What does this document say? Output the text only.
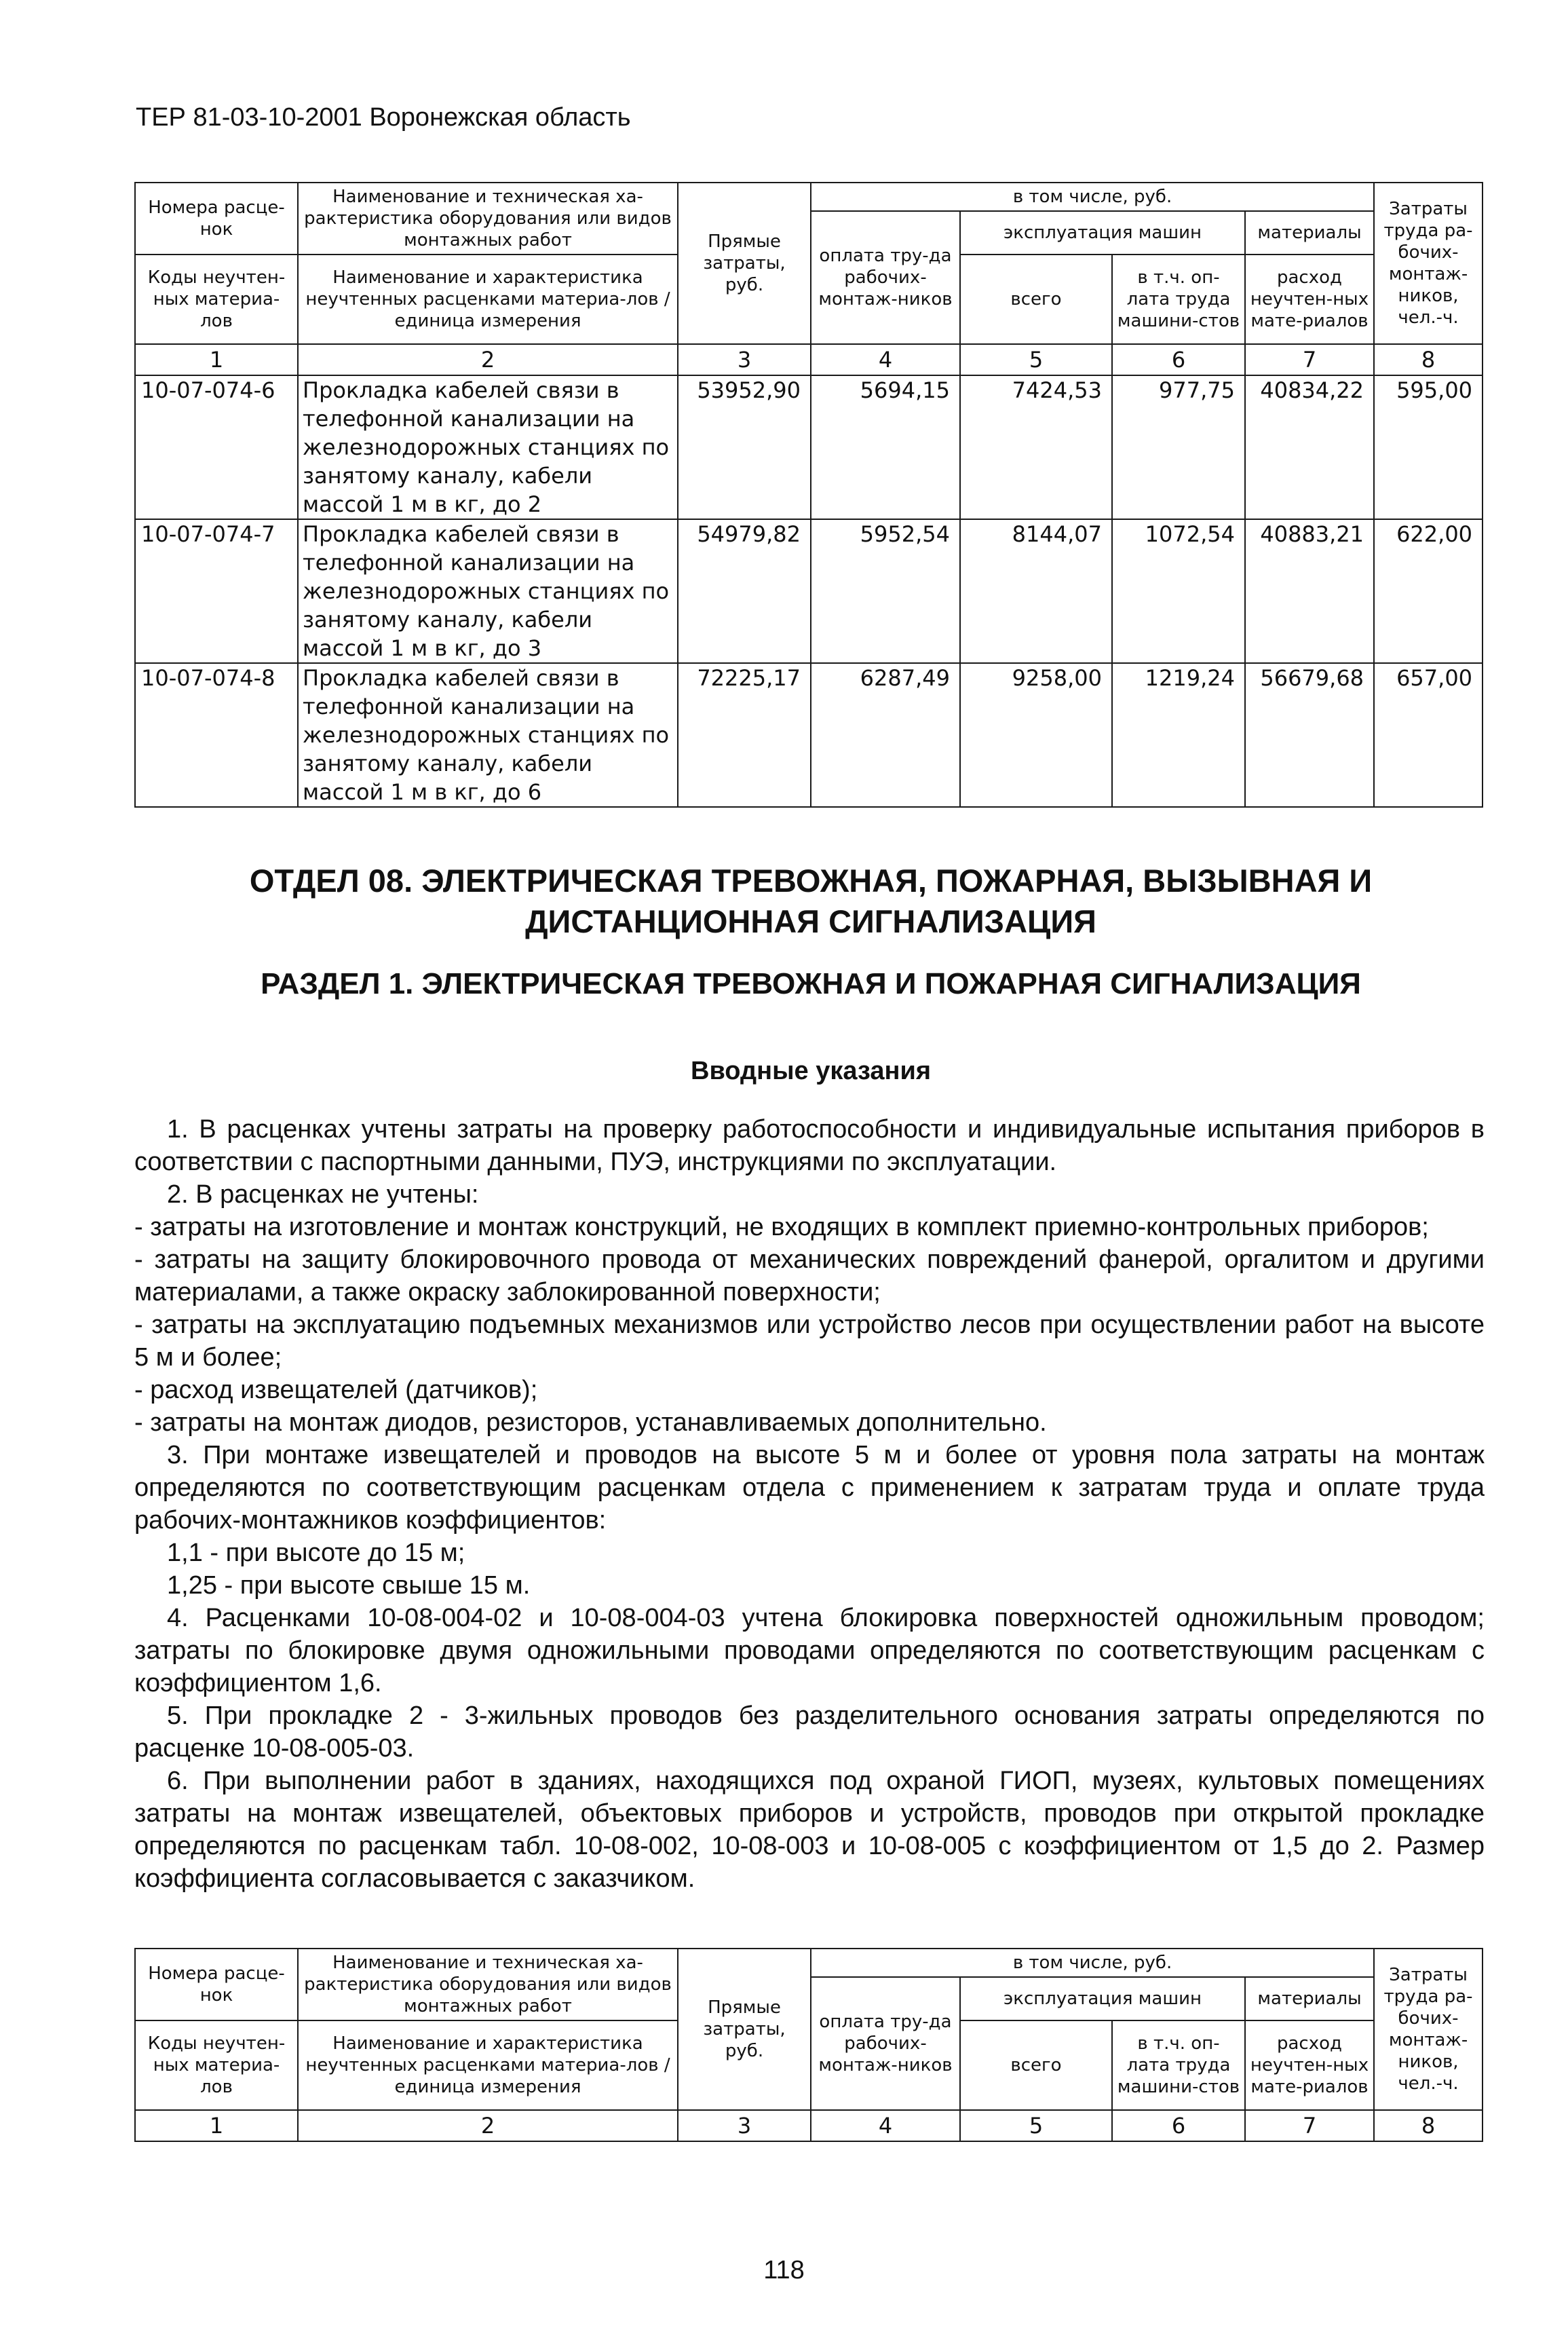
ТЕР 81-03-10-2001 Воронежская область
Номера расце-нок	Наименование и техническая ха-рактеристика оборудования или видов монтажных работ	Прямые затраты, руб.	в том числе, руб.				Затраты труда ра-бочих-монтаж-ников, чел.-ч.
			оплата тру-да рабочих-монтаж-ников	эксплуатация машин		материалы	
Коды неучтен-ных материа-лов	Наименование и характеристика неучтенных расценками материа-лов / единица измерения			всего	в т.ч. оп-лата труда машини-стов	расход неучтен-ных мате-риалов	

1	2	3	4	5	6	7	8
10-07-074-6	Прокладка кабелей связи в телефонной канализации на железнодорожных станциях по занятому каналу, кабели массой 1 м в кг, до 2	53952,90	5694,15	7424,53	977,75	40834,22	595,00
10-07-074-7	Прокладка кабелей связи в телефонной канализации на железнодорожных станциях по занятому каналу, кабели массой 1 м в кг, до 3	54979,82	5952,54	8144,07	1072,54	40883,21	622,00
10-07-074-8	Прокладка кабелей связи в телефонной канализации на железнодорожных станциях по занятому каналу, кабели массой 1 м в кг, до 6	72225,17	6287,49	9258,00	1219,24	56679,68	657,00
ОТДЕЛ 08. ЭЛЕКТРИЧЕСКАЯ ТРЕВОЖНАЯ, ПОЖАРНАЯ, ВЫЗЫВНАЯ И
ДИСТАНЦИОННАЯ СИГНАЛИЗАЦИЯ
РАЗДЕЛ 1. ЭЛЕКТРИЧЕСКАЯ ТРЕВОЖНАЯ И ПОЖАРНАЯ СИГНАЛИЗАЦИЯ
Вводные указания

1. В расценках учтены затраты на проверку работоспособности и индивидуальные испытания приборов в соответствии с паспортными данными, ПУЭ, инструкциями по эксплуатации.

2. В расценках не учтены:

- затраты на изготовление и монтаж конструкций, не входящих в комплект приемно-контрольных приборов;

- затраты на защиту блокировочного провода от механических повреждений фанерой, оргалитом и другими материалами, а также окраску заблокированной поверхности;

- затраты на эксплуатацию подъемных механизмов или устройство лесов при осуществлении работ на высоте 5 м и более;

- расход извещателей (датчиков);

- затраты на монтаж диодов, резисторов, устанавливаемых дополнительно.

3. При монтаже извещателей и проводов на высоте 5 м и более от уровня пола затраты на монтаж определяются по соответствующим расценкам отдела с применением к затратам труда и оплате труда рабочих-монтажников коэффициентов:

1,1 - при высоте до 15 м;

1,25 - при высоте свыше 15 м.

4. Расценками 10-08-004-02 и 10-08-004-03 учтена блокировка поверхностей одножильным проводом; затраты по блокировке двумя одножильными проводами определяются по соответствующим расценкам с коэффициентом 1,6.

5. При прокладке 2 - 3-жильных проводов без разделительного основания затраты определяются по расценке 10-08-005-03.

6. При выполнении работ в зданиях, находящихся под охраной ГИОП, музеях, культовых помещениях затраты на монтаж извещателей, объектовых приборов и устройств, проводов при открытой прокладке определяются по расценкам табл. 10-08-002, 10-08-003 и 10-08-005 с коэффициентом от 1,5 до 2. Размер коэффициента согласовывается с заказчиком.

Номера расце-нок	Наименование и техническая ха-рактеристика оборудования или видов монтажных работ	Прямые затраты, руб.	в том числе, руб.				Затраты труда ра-бочих-монтаж-ников, чел.-ч.
			оплата тру-да рабочих-монтаж-ников	эксплуатация машин		материалы	
Коды неучтен-ных материа-лов	Наименование и характеристика неучтенных расценками материа-лов / единица измерения			всего	в т.ч. оп-лата труда машини-стов	расход неучтен-ных мате-риалов	

1	2	3	4	5	6	7	8
118
